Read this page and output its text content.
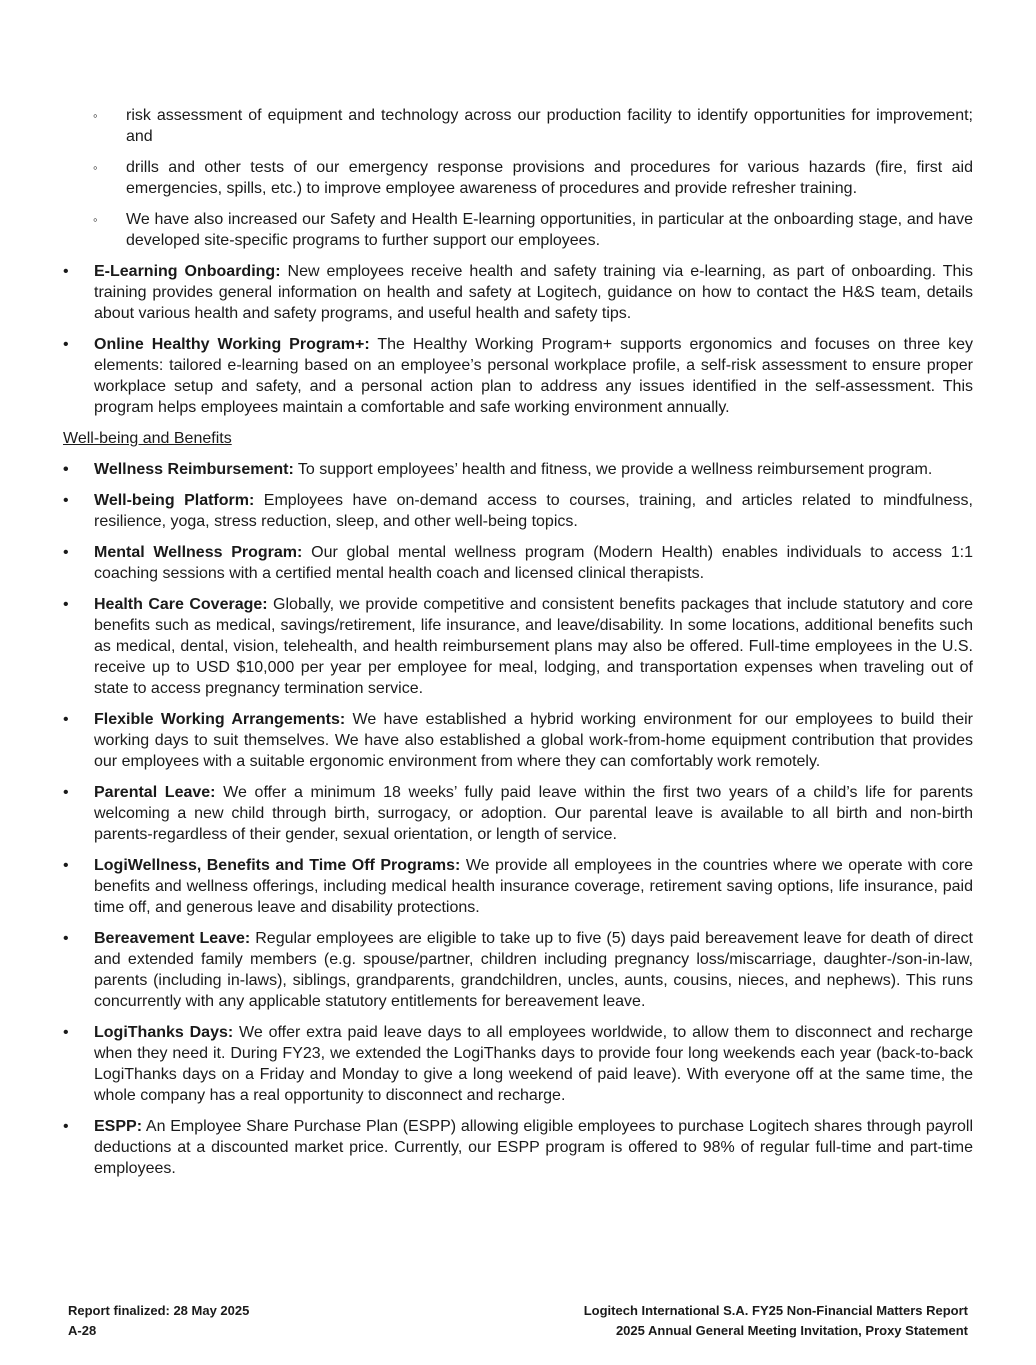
◦ risk assessment of equipment and technology across our production facility to identify opportunities for improvement; and
◦ drills and other tests of our emergency response provisions and procedures for various hazards (fire, first aid emergencies, spills, etc.) to improve employee awareness of procedures and provide refresher training.
◦ We have also increased our Safety and Health E-learning opportunities, in particular at the onboarding stage, and have developed site-specific programs to further support our employees.
• E-Learning Onboarding: New employees receive health and safety training via e-learning, as part of onboarding. This training provides general information on health and safety at Logitech, guidance on how to contact the H&S team, details about various health and safety programs, and useful health and safety tips.
• Online Healthy Working Program+: The Healthy Working Program+ supports ergonomics and focuses on three key elements: tailored e-learning based on an employee’s personal workplace profile, a self-risk assessment to ensure proper workplace setup and safety, and a personal action plan to address any issues identified in the self-assessment. This program helps employees maintain a comfortable and safe working environment annually.

Well-being and Benefits

• Wellness Reimbursement: To support employees’ health and fitness, we provide a wellness reimbursement program.
• Well-being Platform: Employees have on-demand access to courses, training, and articles related to mindfulness, resilience, yoga, stress reduction, sleep, and other well-being topics.
• Mental Wellness Program: Our global mental wellness program (Modern Health) enables individuals to access 1:1 coaching sessions with a certified mental health coach and licensed clinical therapists.
• Health Care Coverage: Globally, we provide competitive and consistent benefits packages that include statutory and core benefits such as medical, savings/retirement, life insurance, and leave/disability. In some locations, additional benefits such as medical, dental, vision, telehealth, and health reimbursement plans may also be offered. Full-time employees in the U.S. receive up to USD $10,000 per year per employee for meal, lodging, and transportation expenses when traveling out of state to access pregnancy termination service.
• Flexible Working Arrangements: We have established a hybrid working environment for our employees to build their working days to suit themselves. We have also established a global work-from-home equipment contribution that provides our employees with a suitable ergonomic environment from where they can comfortably work remotely.
• Parental Leave: We offer a minimum 18 weeks’ fully paid leave within the first two years of a child’s life for parents welcoming a new child through birth, surrogacy, or adoption. Our parental leave is available to all birth and non-birth parents-regardless of their gender, sexual orientation, or length of service.
• LogiWellness, Benefits and Time Off Programs: We provide all employees in the countries where we operate with core benefits and wellness offerings, including medical health insurance coverage, retirement saving options, life insurance, paid time off, and generous leave and disability protections.
• Bereavement Leave: Regular employees are eligible to take up to five (5) days paid bereavement leave for death of direct and extended family members (e.g. spouse/partner, children including pregnancy loss/miscarriage, daughter-/son-in-law, parents (including in-laws), siblings, grandparents, grandchildren, uncles, aunts, cousins, nieces, and nephews). This runs concurrently with any applicable statutory entitlements for bereavement leave.
• LogiThanks Days: We offer extra paid leave days to all employees worldwide, to allow them to disconnect and recharge when they need it. During FY23, we extended the LogiThanks days to provide four long weekends each year (back-to-back LogiThanks days on a Friday and Monday to give a long weekend of paid leave). With everyone off at the same time, the whole company has a real opportunity to disconnect and recharge.
• ESPP: An Employee Share Purchase Plan (ESPP) allowing eligible employees to purchase Logitech shares through payroll deductions at a discounted market price. Currently, our ESPP program is offered to 98% of regular full-time and part-time employees.
Report finalized: 28 May 2025
A-28
Logitech International S.A. FY25 Non-Financial Matters Report
2025 Annual General Meeting Invitation, Proxy Statement
